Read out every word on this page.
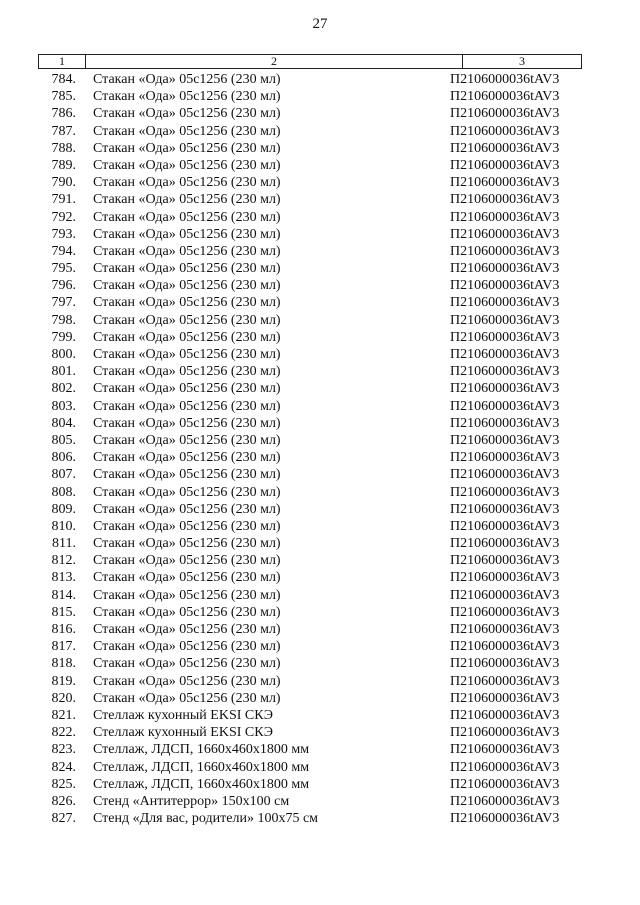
27
1	2	3
784. Стакан «Ода» 05с1256 (230 мл)	П2106000036tAV3
785. Стакан «Ода» 05с1256 (230 мл)	П2106000036tAV3
786. Стакан «Ода» 05с1256 (230 мл)	П2106000036tAV3
787. Стакан «Ода» 05с1256 (230 мл)	П2106000036tAV3
788. Стакан «Ода» 05с1256 (230 мл)	П2106000036tAV3
789. Стакан «Ода» 05с1256 (230 мл)	П2106000036tAV3
790. Стакан «Ода» 05с1256 (230 мл)	П2106000036tAV3
791. Стакан «Ода» 05с1256 (230 мл)	П2106000036tAV3
792. Стакан «Ода» 05с1256 (230 мл)	П2106000036tAV3
793. Стакан «Ода» 05с1256 (230 мл)	П2106000036tAV3
794. Стакан «Ода» 05с1256 (230 мл)	П2106000036tAV3
795. Стакан «Ода» 05с1256 (230 мл)	П2106000036tAV3
796. Стакан «Ода» 05с1256 (230 мл)	П2106000036tAV3
797. Стакан «Ода» 05с1256 (230 мл)	П2106000036tAV3
798. Стакан «Ода» 05с1256 (230 мл)	П2106000036tAV3
799. Стакан «Ода» 05с1256 (230 мл)	П2106000036tAV3
800. Стакан «Ода» 05с1256 (230 мл)	П2106000036tAV3
801. Стакан «Ода» 05с1256 (230 мл)	П2106000036tAV3
802. Стакан «Ода» 05с1256 (230 мл)	П2106000036tAV3
803. Стакан «Ода» 05с1256 (230 мл)	П2106000036tAV3
804. Стакан «Ода» 05с1256 (230 мл)	П2106000036tAV3
805. Стакан «Ода» 05с1256 (230 мл)	П2106000036tAV3
806. Стакан «Ода» 05с1256 (230 мл)	П2106000036tAV3
807. Стакан «Ода» 05с1256 (230 мл)	П2106000036tAV3
808. Стакан «Ода» 05с1256 (230 мл)	П2106000036tAV3
809. Стакан «Ода» 05с1256 (230 мл)	П2106000036tAV3
810. Стакан «Ода» 05с1256 (230 мл)	П2106000036tAV3
811. Стакан «Ода» 05с1256 (230 мл)	П2106000036tAV3
812. Стакан «Ода» 05с1256 (230 мл)	П2106000036tAV3
813. Стакан «Ода» 05с1256 (230 мл)	П2106000036tAV3
814. Стакан «Ода» 05с1256 (230 мл)	П2106000036tAV3
815. Стакан «Ода» 05с1256 (230 мл)	П2106000036tAV3
816. Стакан «Ода» 05с1256 (230 мл)	П2106000036tAV3
817. Стакан «Ода» 05с1256 (230 мл)	П2106000036tAV3
818. Стакан «Ода» 05с1256 (230 мл)	П2106000036tAV3
819. Стакан «Ода» 05с1256 (230 мл)	П2106000036tAV3
820. Стакан «Ода» 05с1256 (230 мл)	П2106000036tAV3
821. Стеллаж кухонный EKSI СКЭ	П2106000036tAV3
822. Стеллаж кухонный EKSI СКЭ	П2106000036tAV3
823. Стеллаж, ЛДСП, 1660x460x1800 мм	П2106000036tAV3
824. Стеллаж, ЛДСП, 1660x460x1800 мм	П2106000036tAV3
825. Стеллаж, ЛДСП, 1660x460x1800 мм	П2106000036tAV3
826. Стенд «Антитеррор» 150x100 см	П2106000036tAV3
827. Стенд «Для вас, родители» 100x75 см	П2106000036tAV3
